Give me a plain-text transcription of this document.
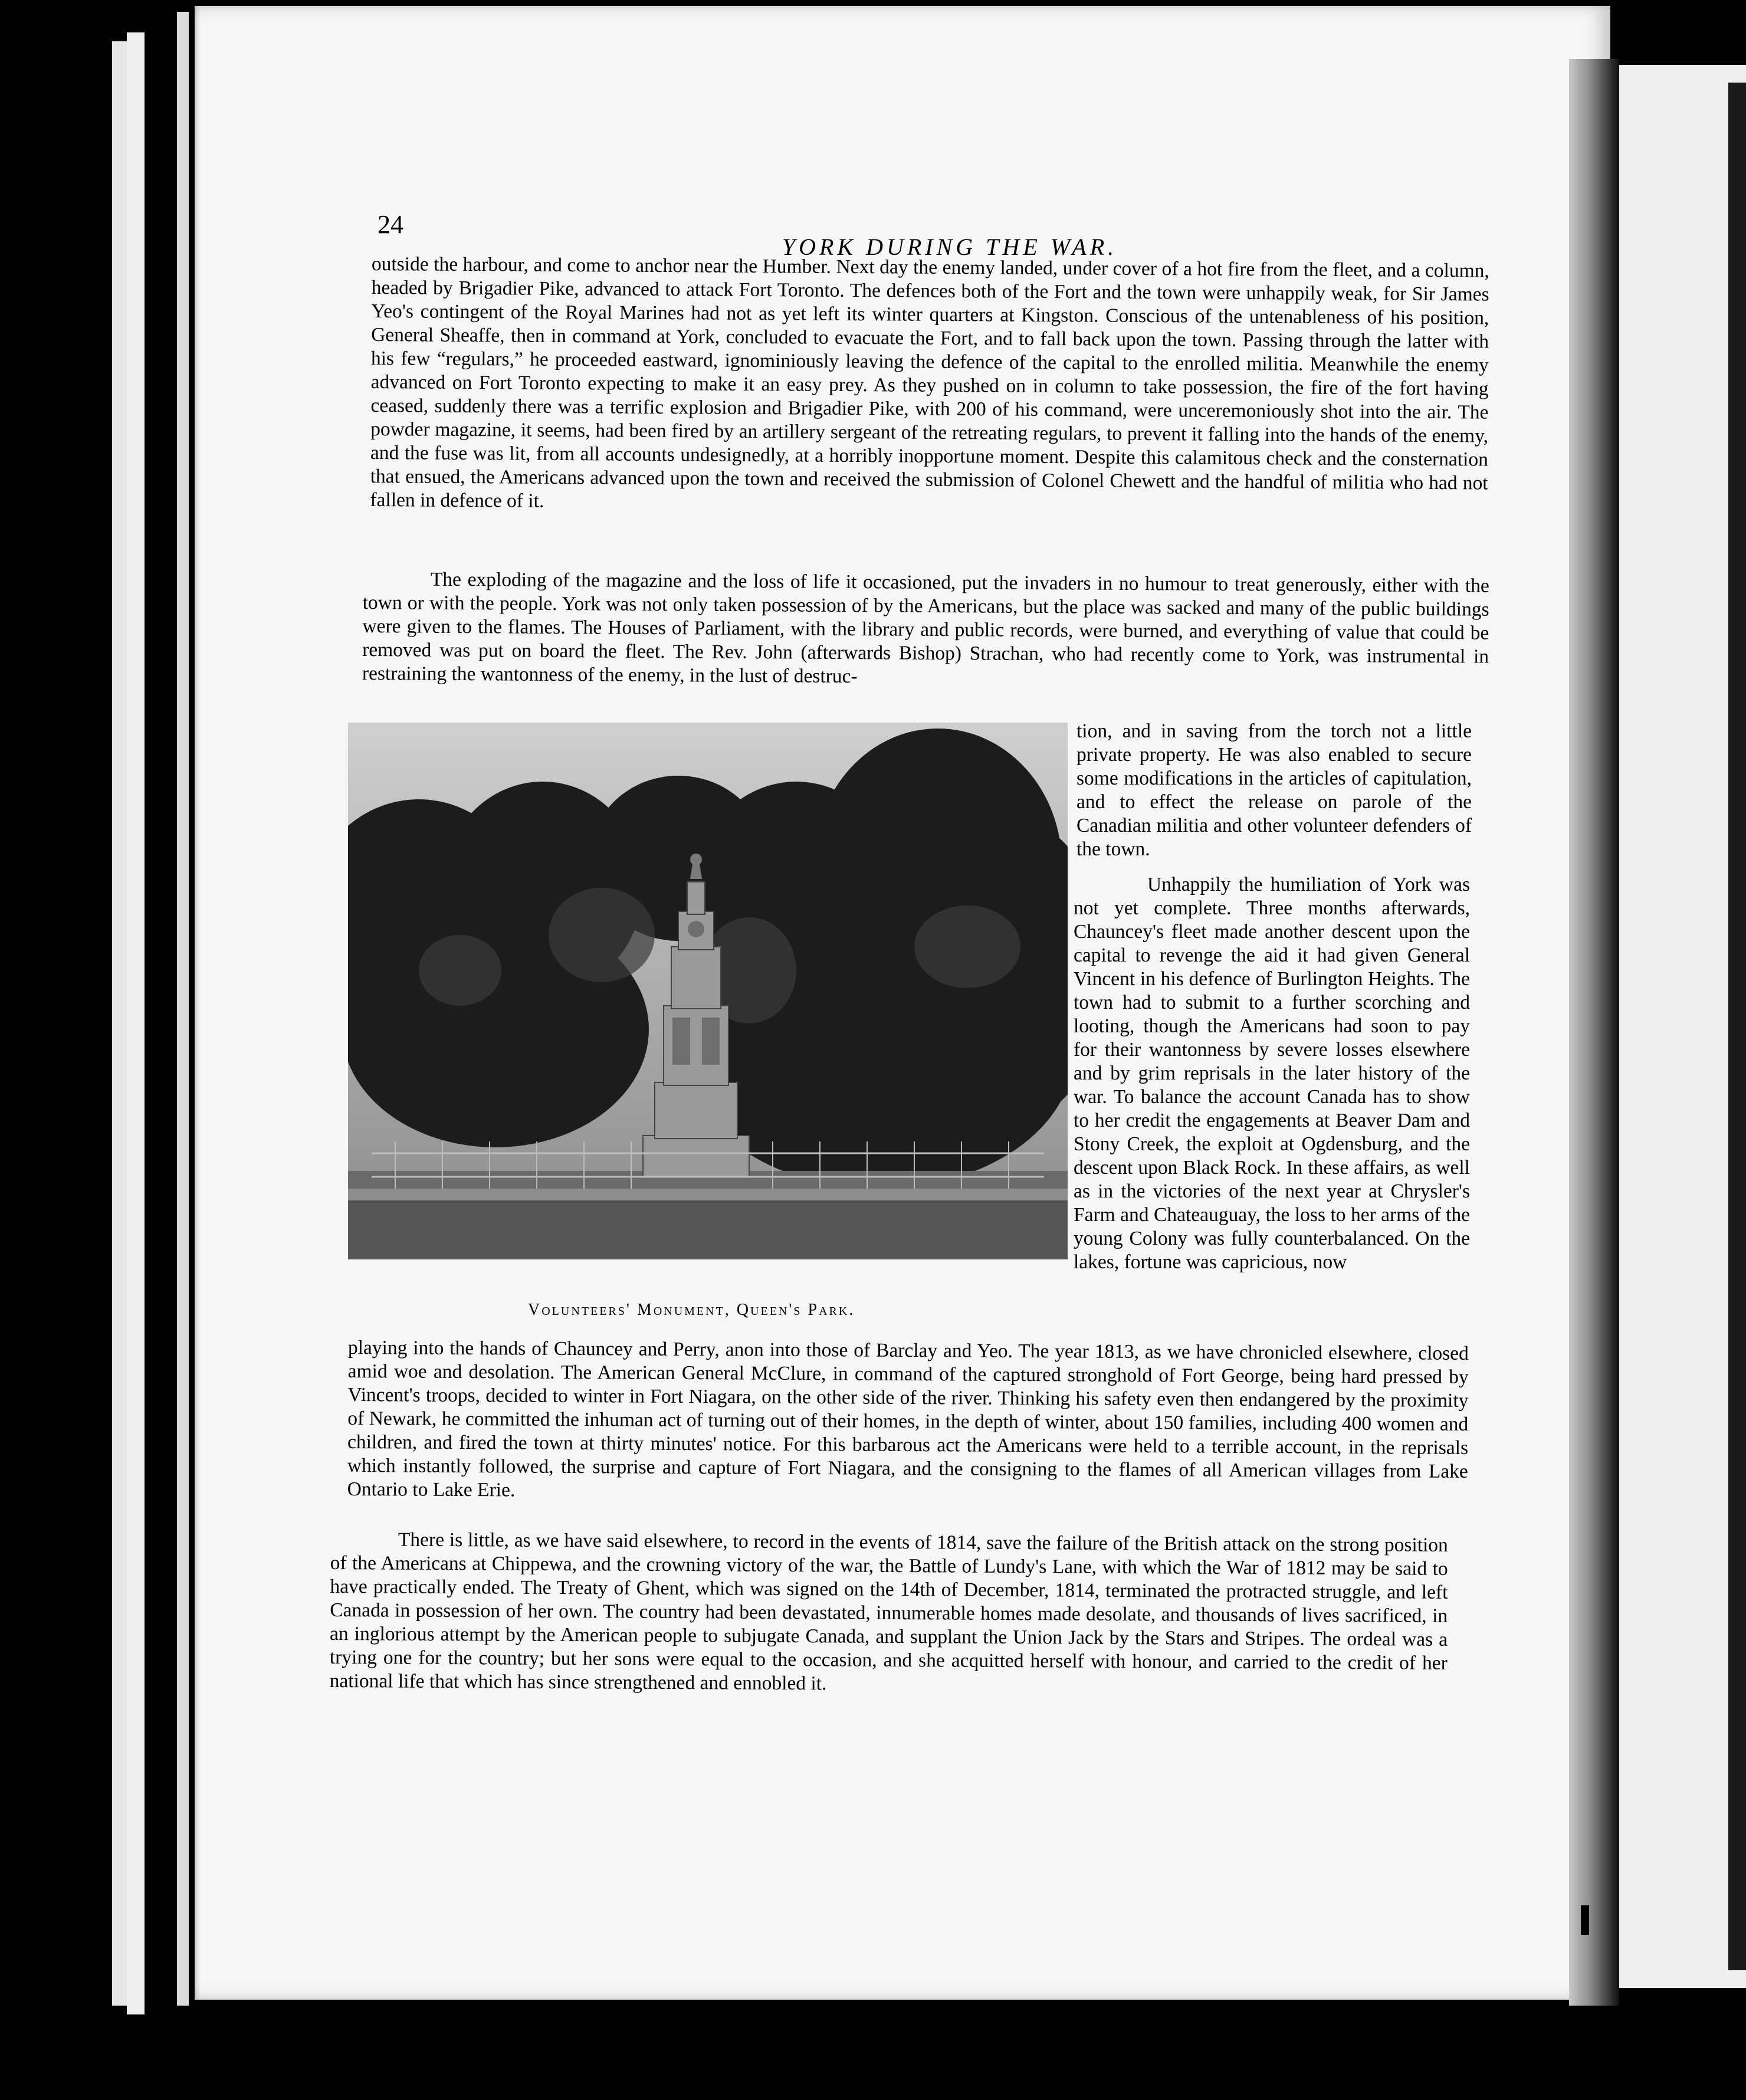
24
YORK DURING THE WAR.

outside the harbour, and come to anchor near the Humber. Next day the enemy landed, under cover of a hot fire from the fleet, and a column, headed by Brigadier Pike, advanced to attack Fort Toronto. The defences both of the Fort and the town were unhappily weak, for Sir James Yeo's contingent of the Royal Marines had not as yet left its winter quarters at Kingston. Conscious of the untenableness of his position, General Sheaffe, then in command at York, concluded to evacuate the Fort, and to fall back upon the town. Passing through the latter with his few “regulars,” he proceeded eastward, ignominiously leaving the defence of the capital to the enrolled militia. Meanwhile the enemy advanced on Fort Toronto expecting to make it an easy prey. As they pushed on in column to take possession, the fire of the fort having ceased, suddenly there was a terrific explosion and Brigadier Pike, with 200 of his command, were unceremoniously shot into the air. The powder magazine, it seems, had been fired by an artillery sergeant of the retreating regulars, to prevent it falling into the hands of the enemy, and the fuse was lit, from all accounts undesignedly, at a horribly inopportune moment. Despite this calamitous check and the consternation that ensued, the Americans advanced upon the town and received the submission of Colonel Chewett and the handful of militia who had not fallen in defence of it.

The exploding of the magazine and the loss of life it occasioned, put the invaders in no humour to treat generously, either with the town or with the people. York was not only taken possession of by the Americans, but the place was sacked and many of the public buildings were given to the flames. The Houses of Parliament, with the library and public records, were burned, and everything of value that could be removed was put on board the fleet. The Rev. John (afterwards Bishop) Strachan, who had recently come to York, was instrumental in restraining the wantonness of the enemy, in the lust of destruc-

Volunteers' Monument, Queen's Park.

tion, and in saving from the torch not a little private property. He was also enabled to secure some modifications in the articles of capitulation, and to effect the release on parole of the Canadian militia and other volunteer defenders of the town.

Unhappily the humiliation of York was not yet complete. Three months afterwards, Chauncey's fleet made another descent upon the capital to revenge the aid it had given General Vincent in his defence of Burlington Heights. The town had to submit to a further scorching and looting, though the Americans had soon to pay for their wantonness by severe losses elsewhere and by grim reprisals in the later history of the war. To balance the account Canada has to show to her credit the engagements at Beaver Dam and Stony Creek, the exploit at Ogdensburg, and the descent upon Black Rock. In these affairs, as well as in the victories of the next year at Chrysler's Farm and Chateauguay, the loss to her arms of the young Colony was fully counterbalanced. On the lakes, fortune was capricious, now

playing into the hands of Chauncey and Perry, anon into those of Barclay and Yeo. The year 1813, as we have chronicled elsewhere, closed amid woe and desolation. The American General McClure, in command of the captured stronghold of Fort George, being hard pressed by Vincent's troops, decided to winter in Fort Niagara, on the other side of the river. Thinking his safety even then endangered by the proximity of Newark, he committed the inhuman act of turning out of their homes, in the depth of winter, about 150 families, including 400 women and children, and fired the town at thirty minutes' notice. For this barbarous act the Americans were held to a terrible account, in the reprisals which instantly followed, the surprise and capture of Fort Niagara, and the consigning to the flames of all American villages from Lake Ontario to Lake Erie.

There is little, as we have said elsewhere, to record in the events of 1814, save the failure of the British attack on the strong position of the Americans at Chippewa, and the crowning victory of the war, the Battle of Lundy's Lane, with which the War of 1812 may be said to have practically ended. The Treaty of Ghent, which was signed on the 14th of December, 1814, terminated the protracted struggle, and left Canada in possession of her own. The country had been devastated, innumerable homes made desolate, and thousands of lives sacrificed, in an inglorious attempt by the American people to subjugate Canada, and supplant the Union Jack by the Stars and Stripes. The ordeal was a trying one for the country; but her sons were equal to the occasion, and she acquitted herself with honour, and carried to the credit of her national life that which has since strengthened and ennobled it.
